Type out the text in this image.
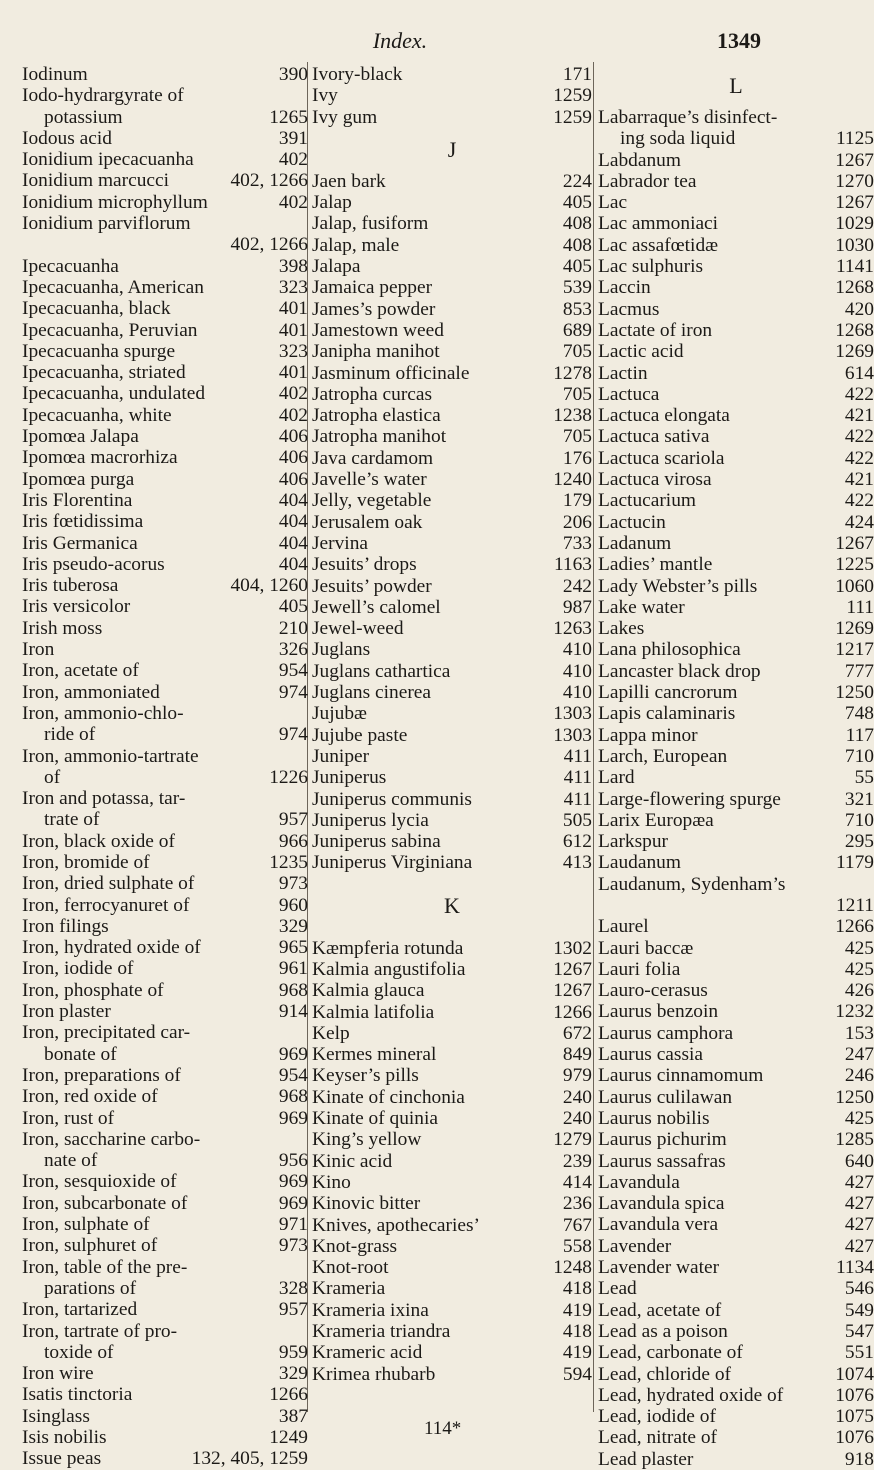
Index.	1349
Iodinum	390
Iodo-hydrargyrate of
potassium	1265
Iodous acid	391
Ionidium ipecacuanha	402
Ionidium marcucci	402, 1266
Ionidium microphyllum	402
Ionidium parviflorum
402, 1266
Ipecacuanha	398
Ipecacuanha, American	323
Ipecacuanha, black	401
Ipecacuanha, Peruvian	401
Ipecacuanha spurge	323
Ipecacuanha, striated	401
Ipecacuanha, undulated	402
Ipecacuanha, white	402
Ipomœa Jalapa	406
Ipomœa macrorhiza	406
Ipomœa purga	406
Iris Florentina	404
Iris fœtidissima	404
Iris Germanica	404
Iris pseudo-acorus	404
Iris tuberosa	404, 1260
Iris versicolor	405
Irish moss	210
Iron	326
Iron, acetate of	954
Iron, ammoniated	974
Iron, ammonio-chlo-
ride of	974
Iron, ammonio-tartrate
of	1226
Iron and potassa, tar-
trate of	957
Iron, black oxide of	966
Iron, bromide of	1235
Iron, dried sulphate of	973
Iron, ferrocyanuret of	960
Iron filings	329
Iron, hydrated oxide of	965
Iron, iodide of	961
Iron, phosphate of	968
Iron plaster	914
Iron, precipitated car-
bonate of	969
Iron, preparations of	954
Iron, red oxide of	968
Iron, rust of	969
Iron, saccharine carbo-
nate of	956
Iron, sesquioxide of	969
Iron, subcarbonate of	969
Iron, sulphate of	971
Iron, sulphuret of	973
Iron, table of the pre-
parations of	328
Iron, tartarized	957
Iron, tartrate of pro-
toxide of	959
Iron wire	329
Isatis tinctoria	1266
Isinglass	387
Isis nobilis	1249
Issue peas	132, 405, 1259
Ivory-black	171
Ivy	1259
Ivy gum	1259
J
Jaen bark	224
Jalap	405
Jalap, fusiform	408
Jalap, male	408
Jalapa	405
Jamaica pepper	539
James’s powder	853
Jamestown weed	689
Janipha manihot	705
Jasminum officinale	1278
Jatropha curcas	705
Jatropha elastica	1238
Jatropha manihot	705
Java cardamom	176
Javelle’s water	1240
Jelly, vegetable	179
Jerusalem oak	206
Jervina	733
Jesuits’ drops	1163
Jesuits’ powder	242
Jewell’s calomel	987
Jewel-weed	1263
Juglans	410
Juglans cathartica	410
Juglans cinerea	410
Jujubæ	1303
Jujube paste	1303
Juniper	411
Juniperus	411
Juniperus communis	411
Juniperus lycia	505
Juniperus sabina	612
Juniperus Virginiana	413
K
Kæmpferia rotunda	1302
Kalmia angustifolia	1267
Kalmia glauca	1267
Kalmia latifolia	1266
Kelp	672
Kermes mineral	849
Keyser’s pills	979
Kinate of cinchonia	240
Kinate of quinia	240
King’s yellow	1279
Kinic acid	239
Kino	414
Kinovic bitter	236
Knives, apothecaries’	767
Knot-grass	558
Knot-root	1248
Krameria	418
Krameria ixina	419
Krameria triandra	418
Krameric acid	419
Krimea rhubarb	594
L
Labarraque’s disinfect-
ing soda liquid	1125
Labdanum	1267
Labrador tea	1270
Lac	1267
Lac ammoniaci	1029
Lac assafœtidæ	1030
Lac sulphuris	1141
Laccin	1268
Lacmus	420
Lactate of iron	1268
Lactic acid	1269
Lactin	614
Lactuca	422
Lactuca elongata	421
Lactuca sativa	422
Lactuca scariola	422
Lactuca virosa	421
Lactucarium	422
Lactucin	424
Ladanum	1267
Ladies’ mantle	1225
Lady Webster’s pills	1060
Lake water	111
Lakes	1269
Lana philosophica	1217
Lancaster black drop	777
Lapilli cancrorum	1250
Lapis calaminaris	748
Lappa minor	117
Larch, European	710
Lard	55
Large-flowering spurge	321
Larix Europæa	710
Larkspur	295
Laudanum	1179
Laudanum, Sydenham’s
1211
Laurel	1266
Lauri baccæ	425
Lauri folia	425
Lauro-cerasus	426
Laurus benzoin	1232
Laurus camphora	153
Laurus cassia	247
Laurus cinnamomum	246
Laurus culilawan	1250
Laurus nobilis	425
Laurus pichurim	1285
Laurus sassafras	640
Lavandula	427
Lavandula spica	427
Lavandula vera	427
Lavender	427
Lavender water	1134
Lead	546
Lead, acetate of	549
Lead as a poison	547
Lead, carbonate of	551
Lead, chloride of	1074
Lead, hydrated oxide of	1076
Lead, iodide of	1075
Lead, nitrate of	1076
Lead plaster	918
114*
